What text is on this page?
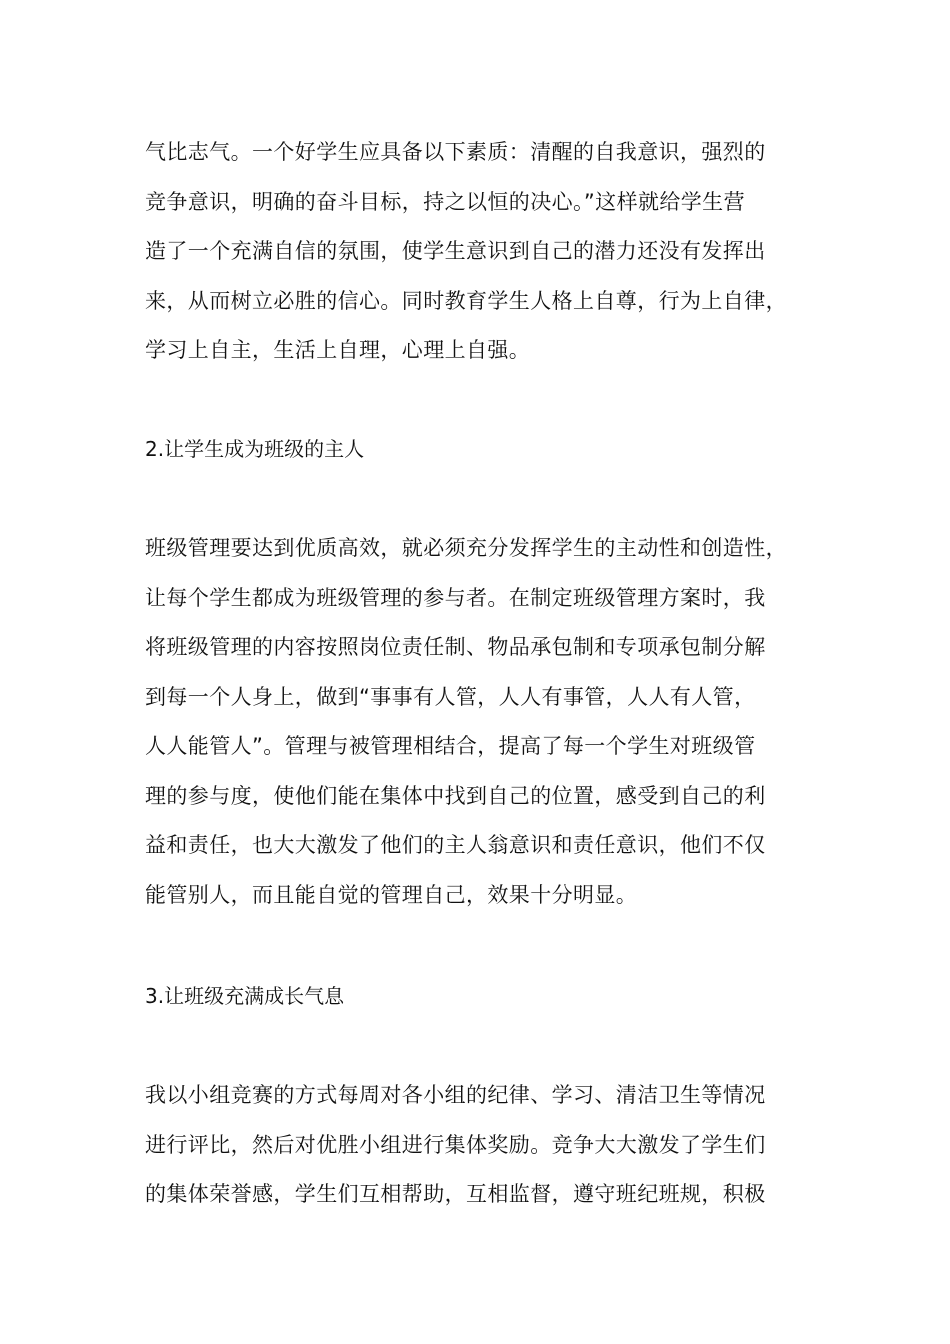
气比志气。一个好学生应具备以下素质：清醒的自我意识，强烈的
竞争意识，明确的奋斗目标，持之以恒的决心。”这样就给学生营
造了一个充满自信的氛围，使学生意识到自己的潜力还没有发挥出
来，从而树立必胜的信心。同时教育学生人格上自尊，行为上自律，
学习上自主，生活上自理，心理上自强。
2.让学生成为班级的主人
班级管理要达到优质高效，就必须充分发挥学生的主动性和创造性，
让每个学生都成为班级管理的参与者。在制定班级管理方案时，我
将班级管理的内容按照岗位责任制、物品承包制和专项承包制分解
到每一个人身上，做到“事事有人管，人人有事管，人人有人管，
人人能管人”。管理与被管理相结合，提高了每一个学生对班级管
理的参与度，使他们能在集体中找到自己的位置，感受到自己的利
益和责任，也大大激发了他们的主人翁意识和责任意识，他们不仅
能管别人，而且能自觉的管理自己，效果十分明显。
3.让班级充满成长气息
我以小组竞赛的方式每周对各小组的纪律、学习、清洁卫生等情况
进行评比，然后对优胜小组进行集体奖励。竞争大大激发了学生们
的集体荣誉感，学生们互相帮助，互相监督，遵守班纪班规，积极
